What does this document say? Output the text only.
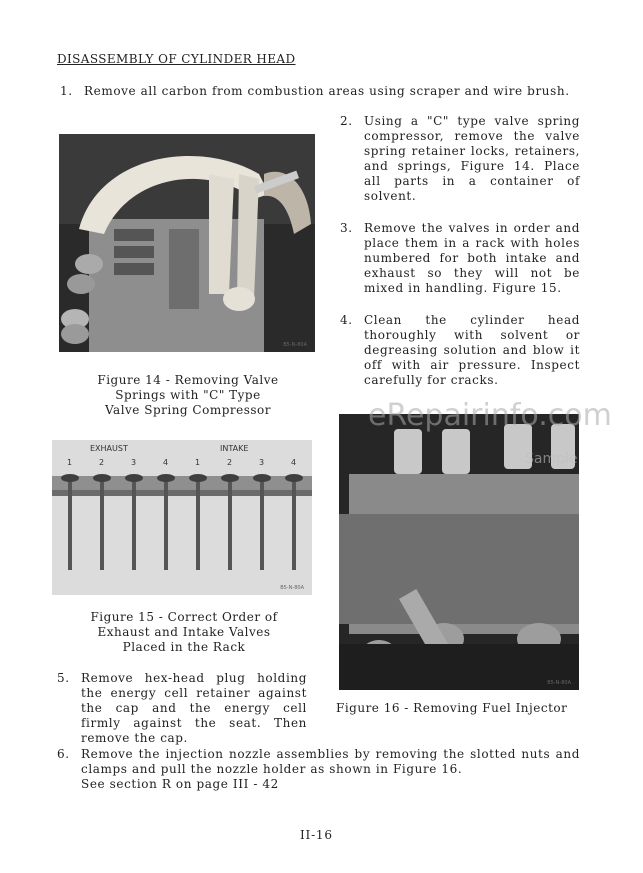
DISASSEMBLY OF CYLINDER HEAD
1. Remove all carbon from combustion areas using scraper and wire brush.
B5-N-80A
Figure 14 - Removing Valve
Springs with "C" Type
Valve Spring Compressor
2. Using a "C" type valve spring compressor, remove the valve spring retainer locks, retainers, and springs, Figure 14. Place all parts in a container of solvent.
3. Remove the valves in order and place them in a rack with holes numbered for both intake and exhaust so they will not be mixed in handling. Figure 15.
4. Clean the cylinder head thoroughly with solvent or degreasing solution and blow it off with air pressure. Inspect carefully for cracks.
EXHAUST	INTAKE
1	2	3	4	1	2	3	4
B5-N-80A
Figure 15 - Correct Order of
Exhaust and Intake Valves
Placed in the Rack
B5-N-80A
Figure 16 - Removing Fuel Injector
eRepairinfo.com
Sample
5. Remove hex-head plug holding the energy cell retainer against the cap and the energy cell firmly against the seat. Then remove the cap.
6. Remove the injection nozzle assemblies by removing the slotted nuts and clamps and pull the nozzle holder as shown in Figure 16.
See section R on page III - 42
II-16
